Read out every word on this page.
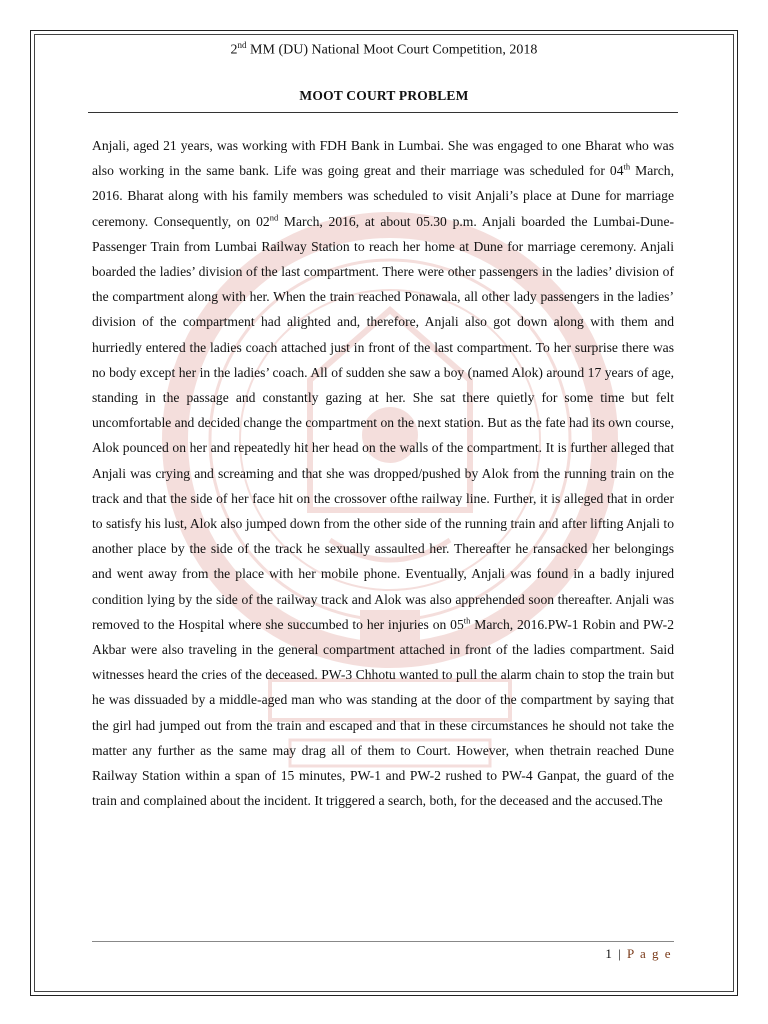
2nd MM (DU) National Moot Court Competition, 2018
MOOT COURT PROBLEM
Anjali, aged 21 years, was working with FDH Bank in Lumbai. She was engaged to one Bharat who was also working in the same bank. Life was going great and their marriage was scheduled for 04th March, 2016. Bharat along with his family members was scheduled to visit Anjali’s place at Dune for marriage ceremony. Consequently, on 02nd March, 2016, at about 05.30 p.m. Anjali boarded the Lumbai-Dune-Passenger Train from Lumbai Railway Station to reach her home at Dune for marriage ceremony. Anjali boarded the ladies’ division of the last compartment. There were other passengers in the ladies’ division of the compartment along with her. When the train reached Ponawala, all other lady passengers in the ladies’ division of the compartment had alighted and, therefore, Anjali also got down along with them and hurriedly entered the ladies coach attached just in front of the last compartment. To her surprise there was no body except her in the ladies’ coach. All of sudden she saw a boy (named Alok) around 17 years of age, standing in the passage and constantly gazing at her. She sat there quietly for some time but felt uncomfortable and decided change the compartment on the next station. But as the fate had its own course, Alok pounced on her and repeatedly hit her head on the walls of the compartment. It is further alleged that Anjali was crying and screaming and that she was dropped/pushed by Alok from the running train on the track and that the side of her face hit on the crossover ofthe railway line. Further, it is alleged that in order to satisfy his lust, Alok also jumped down from the other side of the running train and after lifting Anjali to another place by the side of the track he sexually assaulted her. Thereafter he ransacked her belongings and went away from the place with her mobile phone. Eventually, Anjali was found in a badly injured condition lying by the side of the railway track and Alok was also apprehended soon thereafter. Anjali was removed to the Hospital where she succumbed to her injuries on 05th March, 2016.PW-1 Robin and PW-2 Akbar were also traveling in the general compartment attached in front of the ladies compartment. Said witnesses heard the cries of the deceased. PW-3 Chhotu wanted to pull the alarm chain to stop the train but he was dissuaded by a middle-aged man who was standing at the door of the compartment by saying that the girl had jumped out from the train and escaped and that in these circumstances he should not take the matter any further as the same may drag all of them to Court. However, when thetrain reached Dune Railway Station within a span of 15 minutes, PW-1 and PW-2 rushed to PW-4 Ganpat, the guard of the train and complained about the incident. It triggered a search, both, for the deceased and the accused.The
1 | P a g e
